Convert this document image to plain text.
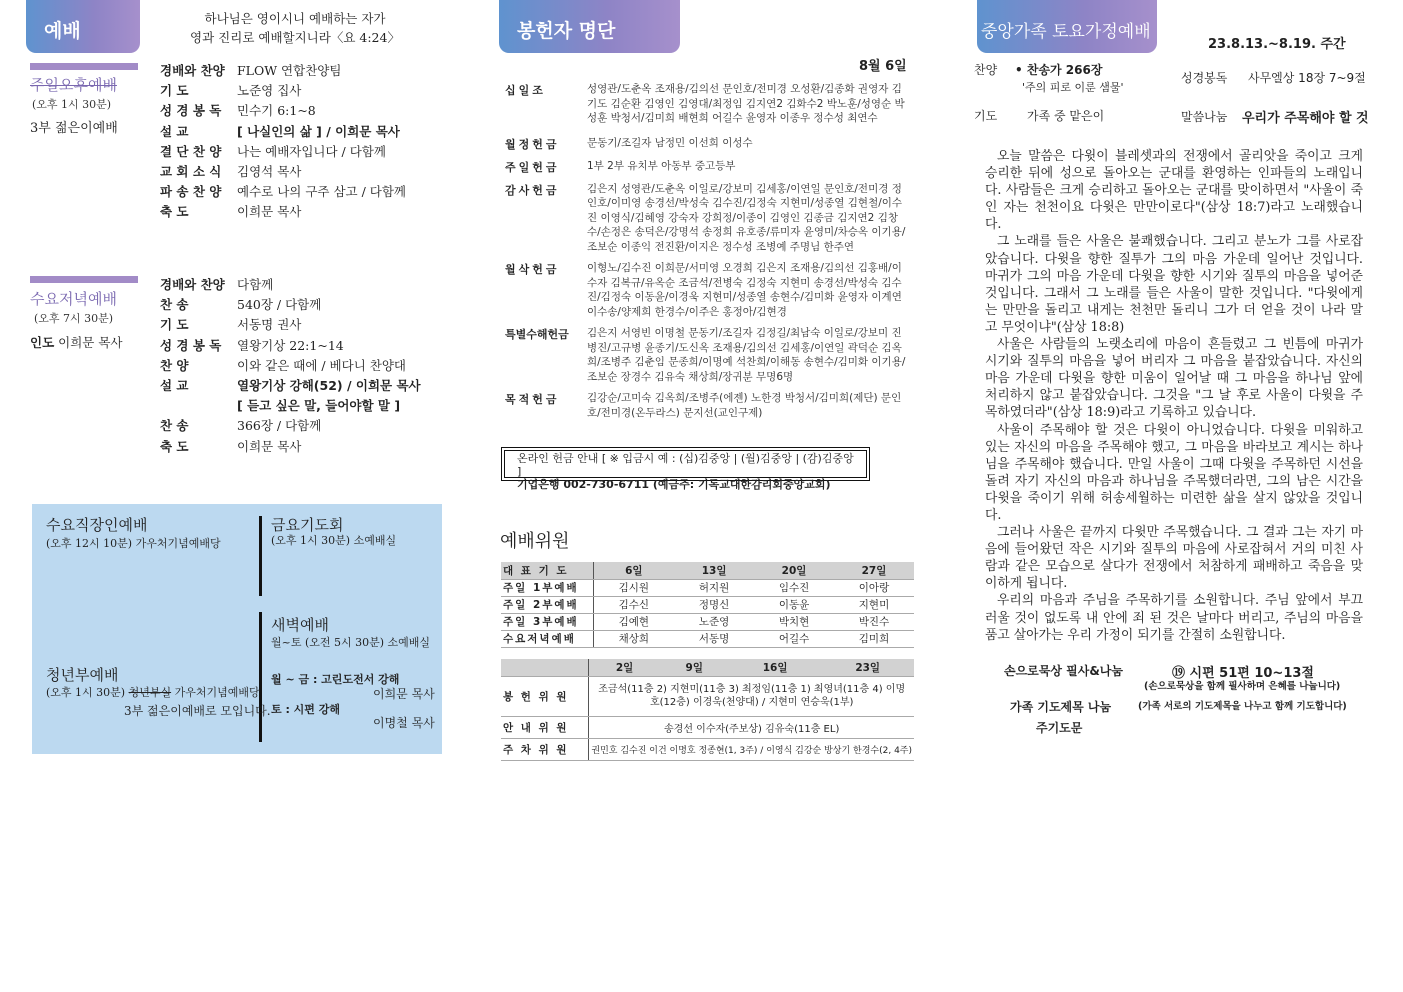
예배
하나님은 영이시니 예배하는 자가
영과 진리로 예배할지니라〈요 4:24〉
주일오후예배
(오후 1시 30분)
3부 젊은이예배
경배와 찬양 FLOW 연합찬양팀
기 도	노준영 집사
성 경 봉 독	민수기 6:1~8
설 교	[ 나실인의 삶 ] / 이희문 목사
결 단 찬 양	나는 예배자입니다 / 다함께
교 회 소 식	김영석 목사
파 송 찬 양	예수로 나의 구주 삼고 / 다함께
축 도	이희문 목사
수요저녁예배
(오후 7시 30분)
인도 이희문 목사
경배와 찬양 다함께
찬 송	540장 / 다함께
기 도	서동명 권사
성 경 봉 독	열왕기상 22:1~14
찬 양	이와 같은 때에 / 베다니 찬양대
설 교	열왕기상 강해(52) / 이희문 목사
[ 듣고 싶은 말, 들어야할 말 ]
찬 송	366장 / 다함께
축 도	이희문 목사
수요직장인예배
(오후 12시 10분) 가우처기념예배당
금요기도회
(오후 1시 30분) 소예배실
새벽예배
월~토 (오전 5시 30분) 소예배실
월 ~ 금 : 고린도전서 강해
이희문 목사
토 : 시편 강해
이명철 목사
청년부예배
(오후 1시 30분) 청년부실 가우처기념예배당
3부 젊은이예배로 모입니다.
봉헌자 명단
8월 6일
십일조	성영관/도춘옥 조재용/김의선 문인호/전미경 오성환/김종화 권영자 김기도 김순환 김영인 김영대/최정임 김지연2 김화수2 박노훈/성영순 박성훈 박청서/김미희 배현희 어길수 윤영자 이종우 정수성 최연수
월정헌금	문동기/조길자 남정민 이선희 이성수
주일헌금	1부 2부 유치부 아동부 중고등부
감사헌금	김은지 성영관/도춘옥 이일로/강보미 김세홍/이연일 문인호/전미경 정인호/이미영 송경선/박성숙 김수진/김정숙 지현미/성종열 김현철/이수진 이영식/김혜영 강숙자 강희정/이종이 김영인 김종금 김지연2 김창수/손정은 송덕은/강명석 송정희 유호종/류미자 윤영미/차승옥 이기용/조보순 이종익 전진환/이지은 정수성 조병예 주명님 한주연
월삭헌금	이형노/김수진 이희문/서미영 오경희 김은지 조재용/김의선 김홍배/이수자 김복규/유옥순 조금석/전병숙 김정숙 지현미 송경선/박성숙 김수진/김정숙 이동윤/이경욱 지현미/성종열 송현수/김미화 윤영자 이계연 이수송/양제희 한경수/이주은 홍정아/김현경
특별수해헌금	김은지 서영빈 이명철 문동기/조길자 김정길/최남숙 이일로/강보미 진병진/고규병 윤종기/도신옥 조재용/김의선 김세홍/이연일 곽덕순 김옥희/조병주 김춘임 문종희/이명예 석찬희/이해동 송현수/김미화 이기용/조보순 장경수 김유숙 채상희/장귀분 무명6명
목적헌금	김강순/고미숙 김옥희/조병주(에젠) 노한경 박청서/김미희(제단) 문인호/전미경(온두라스) 문지선(교인구제)
온라인 헌금 안내 [ ※ 입금시 예 : (십)김중앙 | (월)김중앙 | (감)김중앙 ]
기업은행 002-730-6711 (예금주: 기독교대한감리회중앙교회)
예배위원
대 표 기 도	6일	13일	20일	27일
주일 1부예배	김시원	허지원	임수진	이아랑
주일 2부예배	김수신	정명신	이동윤	지현미
주일 3부예배	김예현	노준영	박치현	박진수
수요저녁예배	채상희	서동명	어길수	김미희
	2일	9일	16일	23일
봉 헌 위 원	조금석(11층 2) 지현미(11층 3) 최정임(11층 1) 최영녀(11층 4) 이명호(12층) 이경욱(천양대) / 지현미 연승욱(1부)			
안 내 위 원	송경선 이수자(주보상) 김유숙(11층 EL)			
주 차 위 원	권민호 김수진 이건 이명호 정종현(1, 3주) / 이영식 김강순 방상기 한경수(2, 4주)			
중앙가족 토요가정예배
23.8.13.~8.19. 주간
찬양 • 찬송가 266장
'주의 피로 이룬 샘물'
성경봉독 사무엘상 18장 7~9절
기도 가족 중 맡은이	말씀나눔 우리가 주목해야 할 것

오늘 말씀은 다윗이 블레셋과의 전쟁에서 골리앗을 죽이고 크게 승리한 뒤에 성으로 돌아오는 군대를 환영하는 인파들의 노래입니다. 사람들은 크게 승리하고 돌아오는 군대를 맞이하면서 "사울이 죽인 자는 천천이요 다윗은 만만이로다"(삼상 18:7)라고 노래했습니다.

그 노래를 들은 사울은 불쾌했습니다. 그리고 분노가 그를 사로잡았습니다. 다윗을 향한 질투가 그의 마음 가운데 일어난 것입니다. 마귀가 그의 마음 가운데 다윗을 향한 시기와 질투의 마음을 넣어준 것입니다. 그래서 그 노래를 들은 사울이 말한 것입니다. "다윗에게는 만만을 돌리고 내게는 천천만 돌리니 그가 더 얻을 것이 나라 말고 무엇이냐"(삼상 18:8)

사울은 사람들의 노랫소리에 마음이 흔들렸고 그 빈틈에 마귀가 시기와 질투의 마음을 넣어 버리자 그 마음을 붙잡았습니다. 자신의 마음 가운데 다윗을 향한 미움이 일어날 때 그 마음을 하나님 앞에 처리하지 않고 붙잡았습니다. 그것을 "그 날 후로 사울이 다윗을 주목하였더라"(삼상 18:9)라고 기록하고 있습니다.

사울이 주목해야 할 것은 다윗이 아니었습니다. 다윗을 미워하고 있는 자신의 마음을 주목해야 했고, 그 마음을 바라보고 계시는 하나님을 주목해야 했습니다. 만일 사울이 그때 다윗을 주목하던 시선을 돌려 자기 자신의 마음과 하나님을 주목했더라면, 그의 남은 시간을 다윗을 죽이기 위해 허송세월하는 미련한 삶을 살지 않았을 것입니다.

그러나 사울은 끝까지 다윗만 주목했습니다. 그 결과 그는 자기 마음에 들어왔던 작은 시기와 질투의 마음에 사로잡혀서 거의 미친 사람과 같은 모습으로 살다가 전쟁에서 처참하게 패배하고 죽음을 맞이하게 됩니다.

우리의 마음과 주님을 주목하기를 소원합니다. 주님 앞에서 부끄러울 것이 없도록 내 안에 죄 된 것은 날마다 버리고, 주님의 마음을 품고 살아가는 우리 가정이 되기를 간절히 소원합니다.

손으로묵상 필사&나눔	⑲ 시편 51편 10~13절
(손으로묵상을 함께 필사하며 은혜를 나눕니다)
가족 기도제목 나눔	(가족 서로의 기도제목을 나누고 함께 기도합니다)
주기도문
